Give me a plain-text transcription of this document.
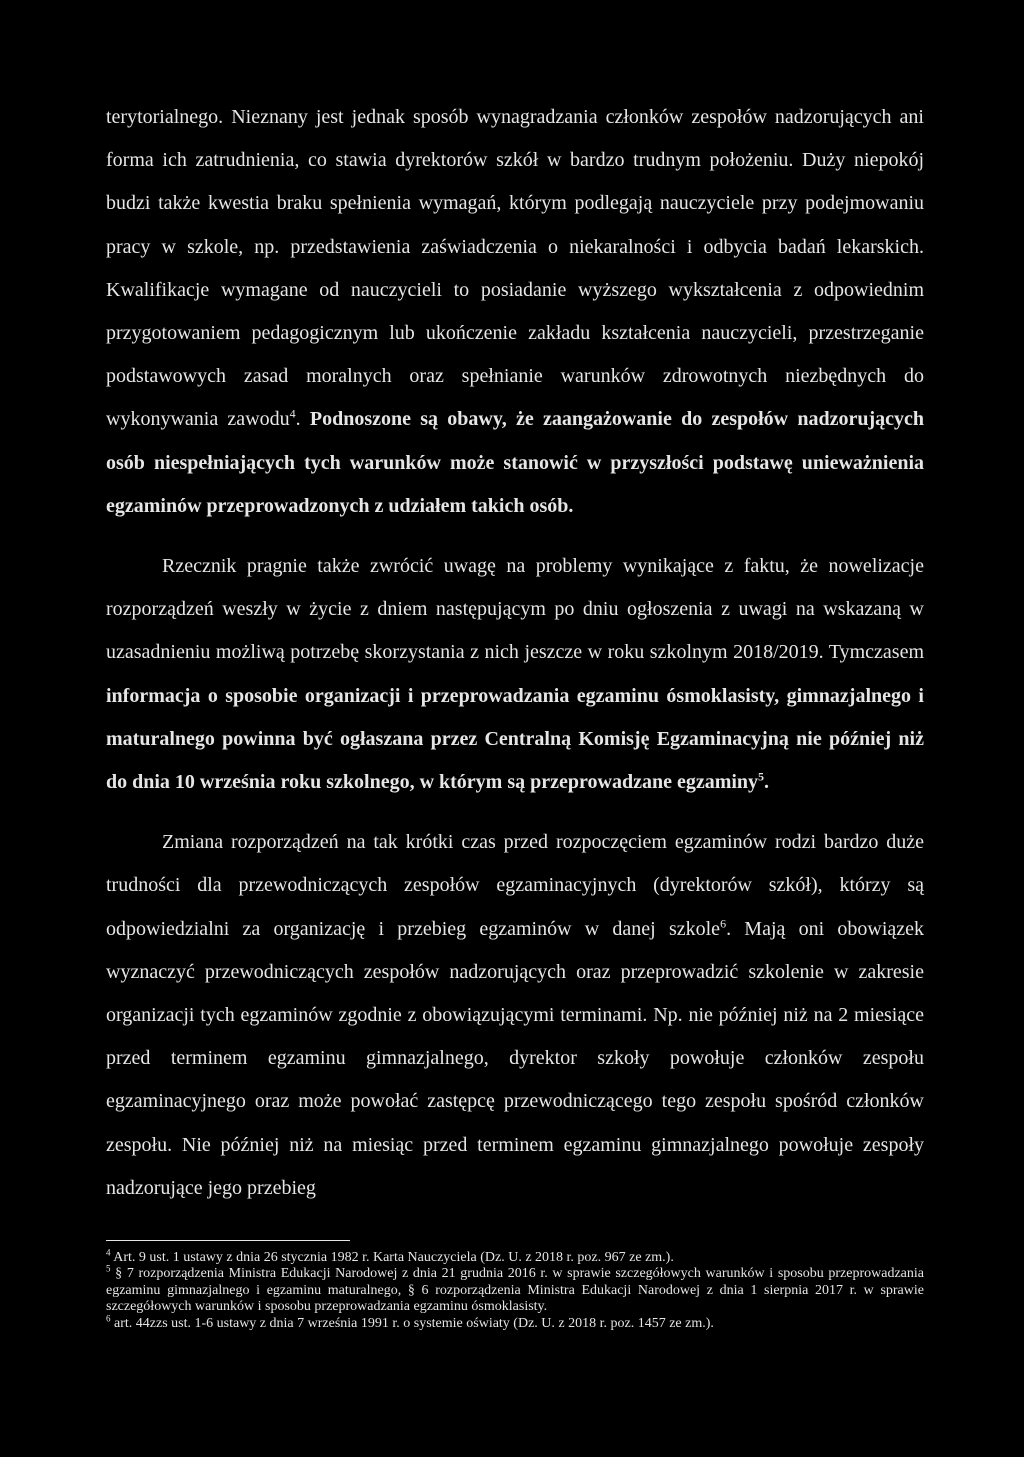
terytorialnego. Nieznany jest jednak sposób wynagradzania członków zespołów nadzorujących ani forma ich zatrudnienia, co stawia dyrektorów szkół w bardzo trudnym położeniu. Duży niepokój budzi także kwestia braku spełnienia wymagań, którym podlegają nauczyciele przy podejmowaniu pracy w szkole, np. przedstawienia zaświadczenia o niekaralności i odbycia badań lekarskich. Kwalifikacje wymagane od nauczycieli to posiadanie wyższego wykształcenia z odpowiednim przygotowaniem pedagogicznym lub ukończenie zakładu kształcenia nauczycieli, przestrzeganie podstawowych zasad moralnych oraz spełnianie warunków zdrowotnych niezbędnych do wykonywania zawodu$^4$. Podnoszone są obawy, że zaangażowanie do zespołów nadzorujących osób niespełniających tych warunków może stanowić w przyszłości podstawę unieważnienia egzaminów przeprowadzonych z udziałem takich osób.

Rzecznik pragnie także zwrócić uwagę na problemy wynikające z faktu, że nowelizacje rozporządzeń weszły w życie z dniem następującym po dniu ogłoszenia z uwagi na wskazaną w uzasadnieniu możliwą potrzebę skorzystania z nich jeszcze w roku szkolnym 2018/2019. Tymczasem informacja o sposobie organizacji i przeprowadzania egzaminu ósmoklasisty, gimnazjalnego i maturalnego powinna być ogłaszana przez Centralną Komisję Egzaminacyjną nie później niż do dnia 10 września roku szkolnego, w którym są przeprowadzane egzaminy$^5$.

Zmiana rozporządzeń na tak krótki czas przed rozpoczęciem egzaminów rodzi bardzo duże trudności dla przewodniczących zespołów egzaminacyjnych (dyrektorów szkół), którzy są odpowiedzialni za organizację i przebieg egzaminów w danej szkole$^6$. Mają oni obowiązek wyznaczyć przewodniczących zespołów nadzorujących oraz przeprowadzić szkolenie w zakresie organizacji tych egzaminów zgodnie z obowiązującymi terminami. Np. nie później niż na 2 miesiące przed terminem egzaminu gimnazjalnego, dyrektor szkoły powołuje członków zespołu egzaminacyjnego oraz może powołać zastępcę przewodniczącego tego zespołu spośród członków zespołu. Nie później niż na miesiąc przed terminem egzaminu gimnazjalnego powołuje zespoły nadzorujące jego przebieg

$^4$ Art. 9 ust. 1 ustawy z dnia 26 stycznia 1982 r. Karta Nauczyciela (Dz. U. z 2018 r. poz. 967 ze zm.).

$^5$ § 7 rozporządzenia Ministra Edukacji Narodowej z dnia 21 grudnia 2016 r. w sprawie szczegółowych warunków i sposobu przeprowadzania egzaminu gimnazjalnego i egzaminu maturalnego, § 6 rozporządzenia Ministra Edukacji Narodowej z dnia 1 sierpnia 2017 r. w sprawie szczegółowych warunków i sposobu przeprowadzania egzaminu ósmoklasisty.

$^6$ art. 44zzs ust. 1-6 ustawy z dnia 7 września 1991 r. o systemie oświaty (Dz. U. z 2018 r. poz. 1457 ze zm.).
